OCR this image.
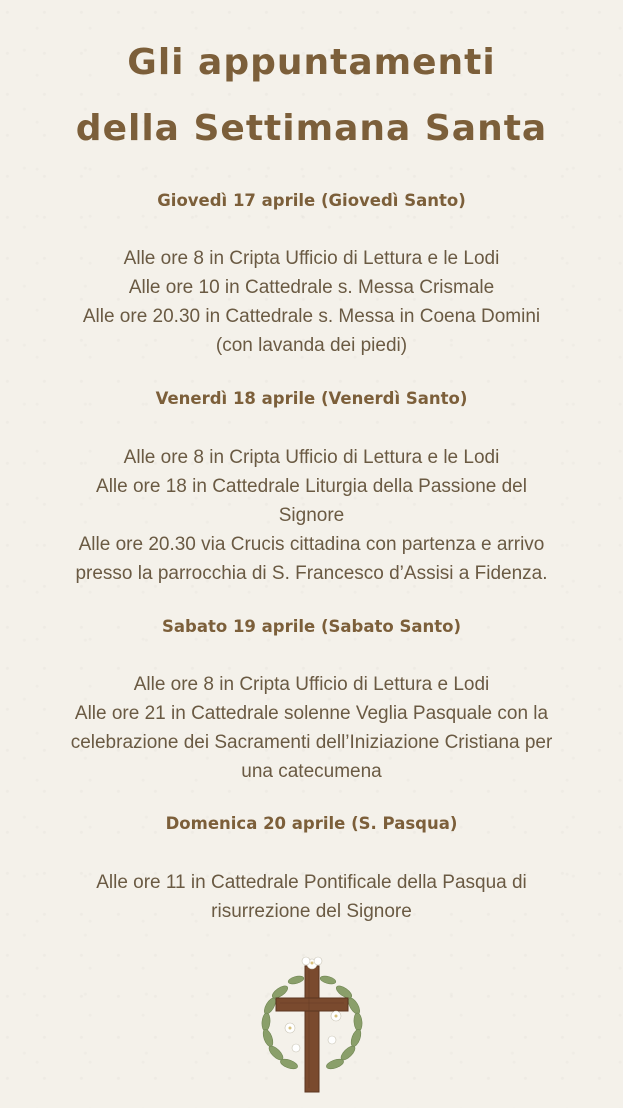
Gli appuntamenti
della Settimana Santa
Giovedì 17 aprile (Giovedì Santo)
Alle ore 8 in Cripta Ufficio di Lettura e le Lodi
Alle ore 10 in Cattedrale s. Messa Crismale
Alle ore 20.30 in Cattedrale s. Messa in Coena Domini
(con lavanda dei piedi)
Venerdì 18 aprile (Venerdì Santo)
Alle ore 8 in Cripta Ufficio di Lettura e le Lodi
Alle ore 18 in Cattedrale Liturgia della Passione del
Signore
Alle ore 20.30 via Crucis cittadina con partenza e arrivo
presso la parrocchia di S. Francesco d’Assisi a Fidenza.
Sabato 19 aprile (Sabato Santo)
Alle ore 8 in Cripta Ufficio di Lettura e Lodi
Alle ore 21 in Cattedrale solenne Veglia Pasquale con la
celebrazione dei Sacramenti dell’Iniziazione Cristiana per
una catecumena
Domenica 20 aprile (S. Pasqua)
Alle ore 11 in Cattedrale Pontificale della Pasqua di
risurrezione del Signore
